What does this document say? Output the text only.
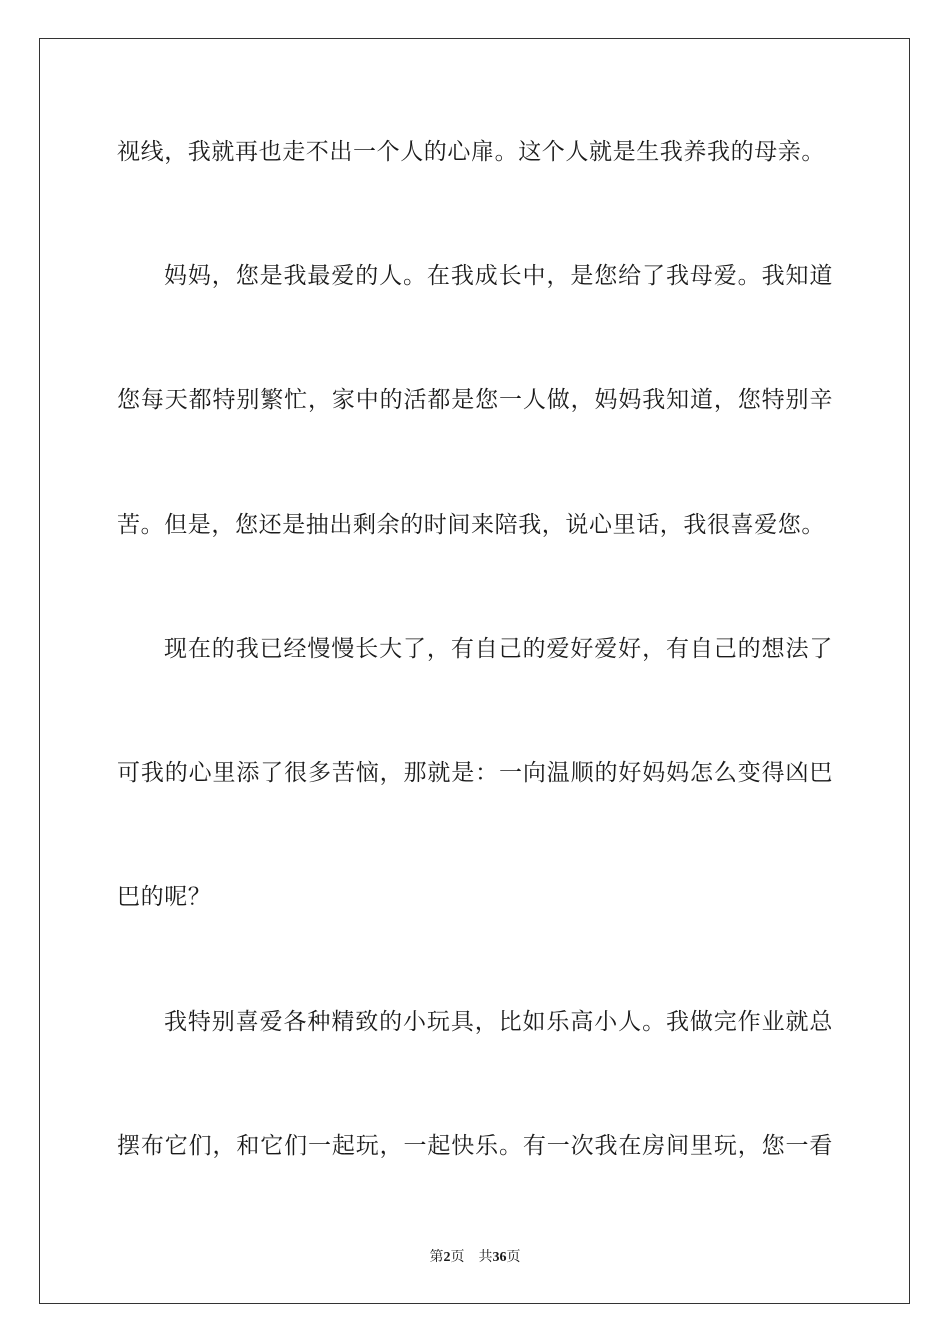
视线，我就再也走不出一个人的心扉。这个人就是生我养我的母亲。
妈妈，您是我最爱的人。在我成长中，是您给了我母爱。我知道
您每天都特别繁忙，家中的活都是您一人做，妈妈我知道，您特别辛
苦。但是，您还是抽出剩余的时间来陪我，说心里话，我很喜爱您。
现在的我已经慢慢长大了，有自己的爱好爱好，有自己的想法了
可我的心里添了很多苦恼，那就是：一向温顺的好妈妈怎么变得凶巴
巴的呢？
我特别喜爱各种精致的小玩具，比如乐高小人。我做完作业就总
摆布它们，和它们一起玩，一起快乐。有一次我在房间里玩，您一看
第2页 共36页
